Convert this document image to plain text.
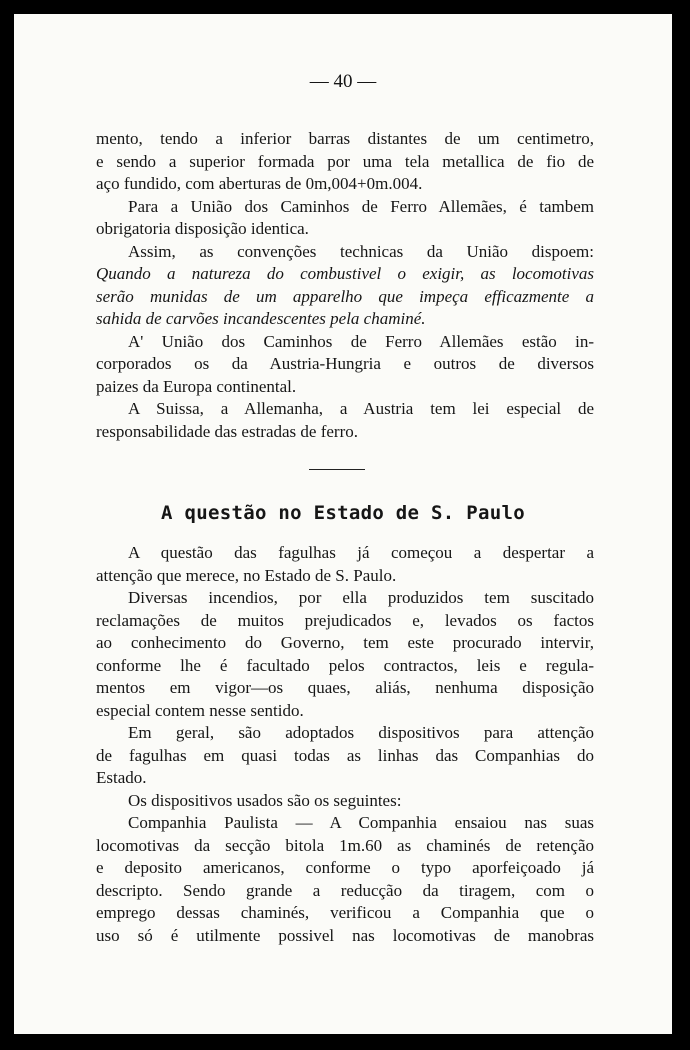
— 40 —
mento, tendo a inferior barras distantes de um centimetro,
e sendo a superior formada por uma tela metallica de fio de
aço fundido, com aberturas de 0m,004+0m.004.
Para a União dos Caminhos de Ferro Allemães, é tambem
obrigatoria disposição identica.
Assim, as convenções technicas da União dispoem:
Quando a natureza do combustivel o exigir, as locomotivas
serão munidas de um apparelho que impeça efficazmente a
sahida de carvões incandescentes pela chaminé.
A' União dos Caminhos de Ferro Allemães estão in-
corporados os da Austria-Hungria e outros de diversos
paizes da Europa continental.
A Suissa, a Allemanha, a Austria tem lei especial de
responsabilidade das estradas de ferro.
A questão no Estado de S. Paulo
A questão das fagulhas já começou a despertar a
attenção que merece, no Estado de S. Paulo.
Diversas incendios, por ella produzidos tem suscitado
reclamações de muitos prejudicados e, levados os factos
ao conhecimento do Governo, tem este procurado intervir,
conforme lhe é facultado pelos contractos, leis e regula-
mentos em vigor—os quaes, aliás, nenhuma disposição
especial contem nesse sentido.
Em geral, são adoptados dispositivos para attenção
de fagulhas em quasi todas as linhas das Companhias do
Estado.
Os dispositivos usados são os seguintes:
Companhia Paulista — A Companhia ensaiou nas suas
locomotivas da secção bitola 1m.60 as chaminés de retenção
e deposito americanos, conforme o typo aporfeiçoado já
descripto. Sendo grande a reducção da tiragem, com o
emprego dessas chaminés, verificou a Companhia que o
uso só é utilmente possivel nas locomotivas de manobras
